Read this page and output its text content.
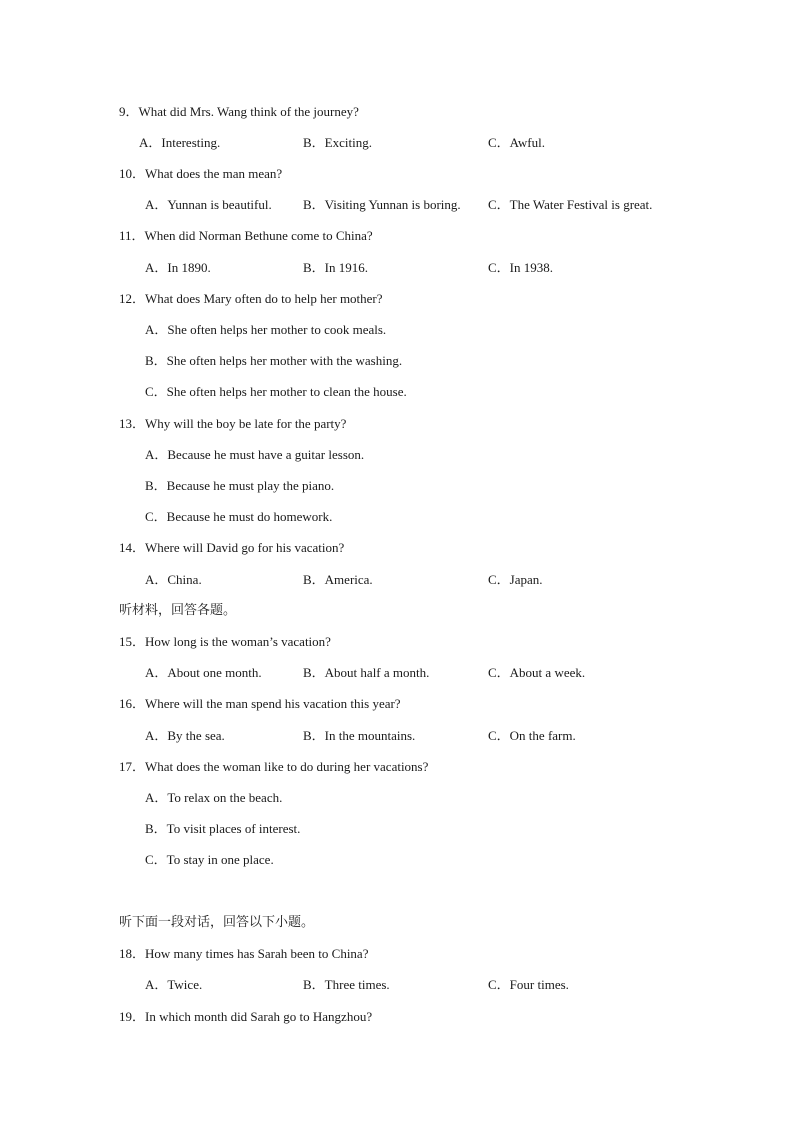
9．What did Mrs. Wang think of the journey?
A．Interesting.	B．Exciting.	C．Awful.
10．What does the man mean?
A．Yunnan is beautiful. B．Visiting Yunnan is boring. C．The Water Festival is great.
11．When did Norman Bethune come to China?
A．In 1890.	B．In 1916.	C．In 1938.
12．What does Mary often do to help her mother?
A．She often helps her mother to cook meals.
B．She often helps her mother with the washing.
C．She often helps her mother to clean the house.
13．Why will the boy be late for the party?
A．Because he must have a guitar lesson.
B．Because he must play the piano.
C．Because he must do homework.
14．Where will David go for his vacation?
A．China.	B．America.	C．Japan.
听材料，回答各题。
15．How long is the woman’s vacation?
A．About one month.	B．About half a month.	C．About a week.
16．Where will the man spend his vacation this year?
A．By the sea.	B．In the mountains.	C．On the farm.
17．What does the woman like to do during her vacations?
A．To relax on the beach.
B．To visit places of interest.
C．To stay in one place.
听下面一段对话，回答以下小题。
18．How many times has Sarah been to China?
A．Twice.	B．Three times.	C．Four times.
19．In which month did Sarah go to Hangzhou?
